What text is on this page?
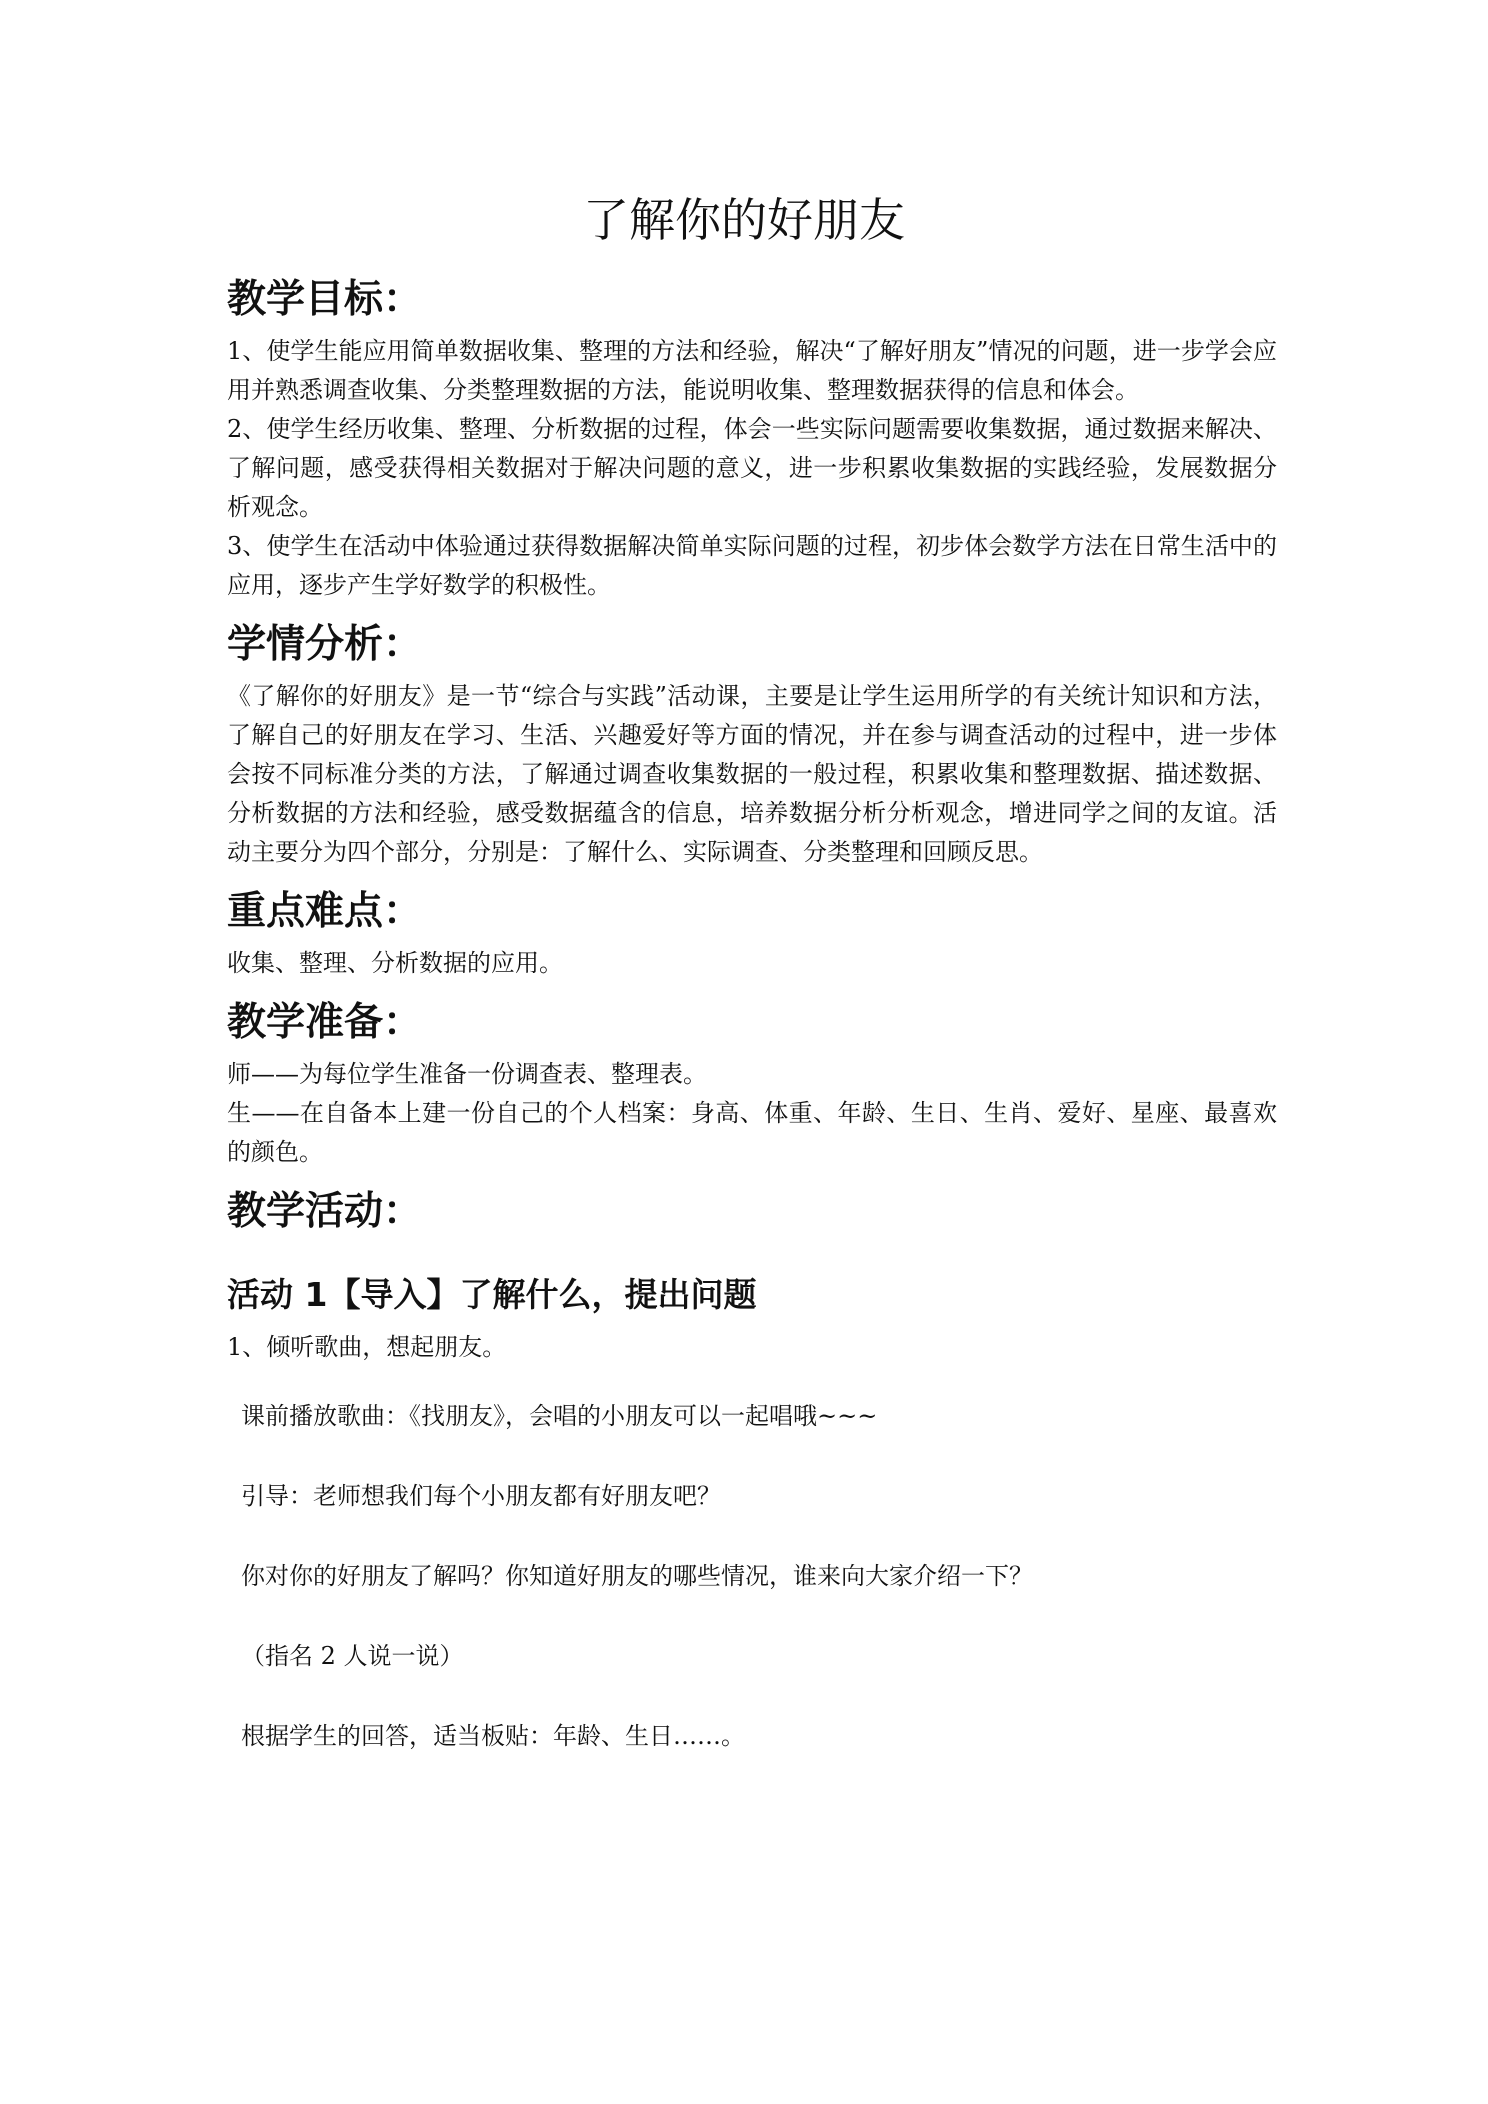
了解你的好朋友
教学目标：

1、使学生能应用简单数据收集、整理的方法和经验，解决“了解好朋友”情况的问题，进一步学会应用并熟悉调查收集、分类整理数据的方法，能说明收集、整理数据获得的信息和体会。

2、使学生经历收集、整理、分析数据的过程，体会一些实际问题需要收集数据，通过数据来解决、了解问题，感受获得相关数据对于解决问题的意义，进一步积累收集数据的实践经验，发展数据分析观念。

3、使学生在活动中体验通过获得数据解决简单实际问题的过程，初步体会数学方法在日常生活中的应用，逐步产生学好数学的积极性。

学情分析：

《了解你的好朋友》是一节“综合与实践”活动课，主要是让学生运用所学的有关统计知识和方法，了解自己的好朋友在学习、生活、兴趣爱好等方面的情况，并在参与调查活动的过程中，进一步体会按不同标准分类的方法，了解通过调查收集数据的一般过程，积累收集和整理数据、描述数据、分析数据的方法和经验，感受数据蕴含的信息，培养数据分析分析观念，增进同学之间的友谊。活动主要分为四个部分，分别是：了解什么、实际调查、分类整理和回顾反思。

重点难点：

收集、整理、分析数据的应用。

教学准备：

师——为每位学生准备一份调查表、整理表。

生——在自备本上建一份自己的个人档案：身高、体重、年龄、生日、生肖、爱好、星座、最喜欢的颜色。

教学活动：
活动 1【导入】了解什么，提出问题

1、倾听歌曲，想起朋友。

课前播放歌曲：《找朋友》，会唱的小朋友可以一起唱哦~~~

引导：老师想我们每个小朋友都有好朋友吧？

你对你的好朋友了解吗？你知道好朋友的哪些情况，谁来向大家介绍一下？

（指名 2 人说一说）

根据学生的回答，适当板贴：年龄、生日……。
